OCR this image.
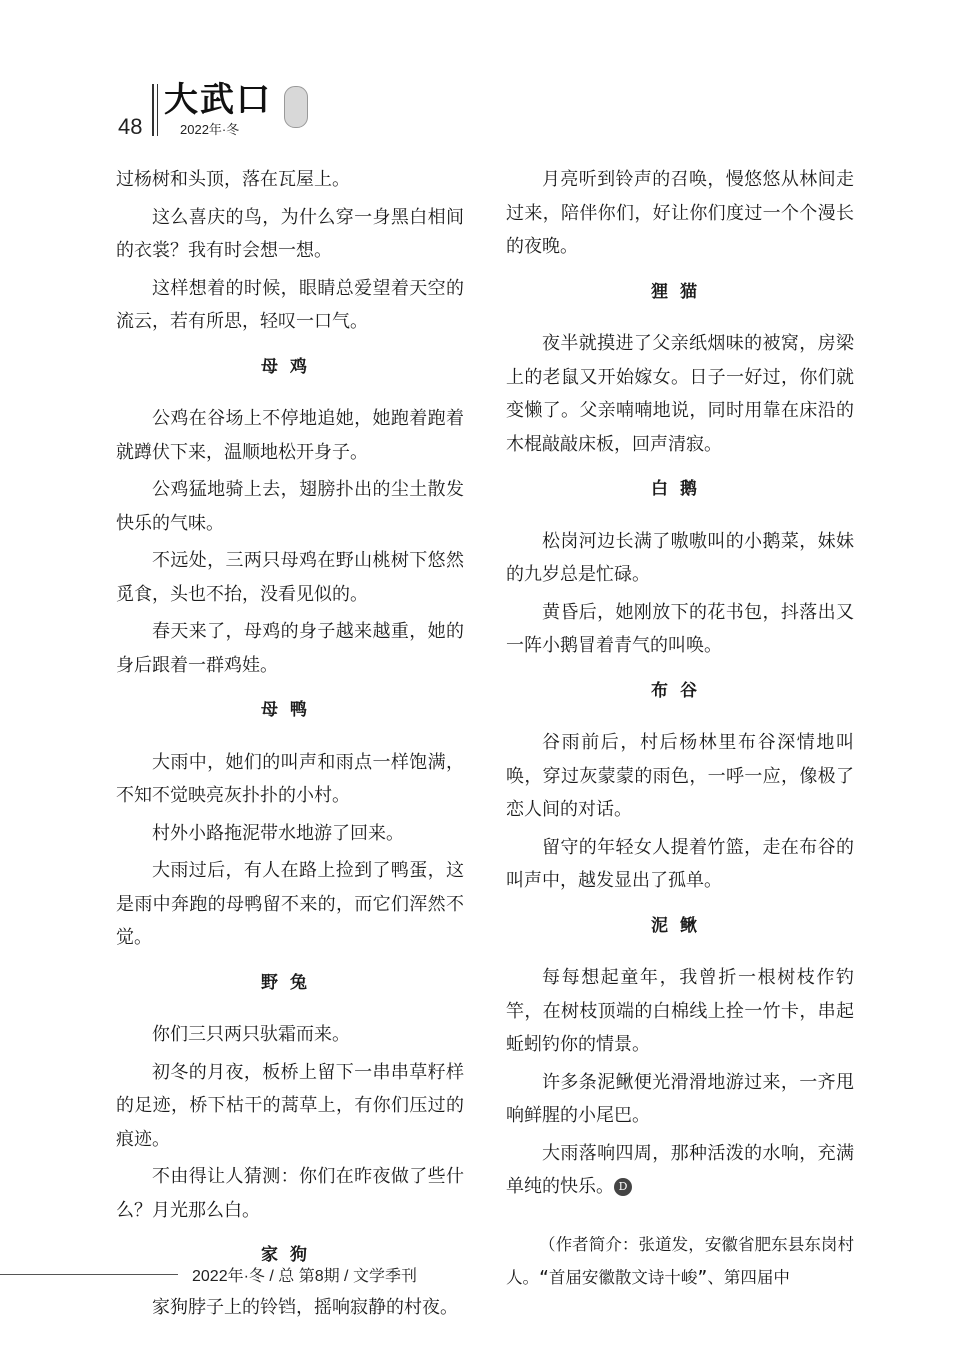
48
大武口
2022年·冬
过杨树和头顶，落在瓦屋上。
这么喜庆的鸟，为什么穿一身黑白相间的衣裳？我有时会想一想。
这样想着的时候，眼睛总爱望着天空的流云，若有所思，轻叹一口气。
母鸡
公鸡在谷场上不停地追她，她跑着跑着就蹲伏下来，温顺地松开身子。
公鸡猛地骑上去，翅膀扑出的尘土散发快乐的气味。
不远处，三两只母鸡在野山桃树下悠然觅食，头也不抬，没看见似的。
春天来了，母鸡的身子越来越重，她的身后跟着一群鸡娃。
母鸭
大雨中，她们的叫声和雨点一样饱满，不知不觉映亮灰扑扑的小村。
村外小路拖泥带水地游了回来。
大雨过后，有人在路上捡到了鸭蛋，这是雨中奔跑的母鸭留不来的，而它们浑然不觉。
野兔
你们三只两只驮霜而来。
初冬的月夜，板桥上留下一串串草籽样的足迹，桥下枯干的蒿草上，有你们压过的痕迹。
不由得让人猜测：你们在昨夜做了些什么？月光那么白。
家狗
家狗脖子上的铃铛，摇响寂静的村夜。
月亮听到铃声的召唤，慢悠悠从林间走过来，陪伴你们，好让你们度过一个个漫长的夜晚。
狸猫
夜半就摸进了父亲纸烟味的被窝，房梁上的老鼠又开始嫁女。日子一好过，你们就变懒了。父亲喃喃地说，同时用靠在床沿的木棍敲敲床板，回声清寂。
白鹅
松岗河边长满了嗷嗷叫的小鹅菜，妹妹的九岁总是忙碌。
黄昏后，她刚放下的花书包，抖落出又一阵小鹅冒着青气的叫唤。
布谷
谷雨前后，村后杨林里布谷深情地叫唤，穿过灰蒙蒙的雨色，一呼一应，像极了恋人间的对话。
留守的年轻女人提着竹篮，走在布谷的叫声中，越发显出了孤单。
泥鳅
每每想起童年，我曾折一根树枝作钓竿，在树枝顶端的白棉线上拴一竹卡，串起蚯蚓钓你的情景。
许多条泥鳅便光滑滑地游过来，一齐甩响鲜腥的小尾巴。
大雨落响四周，那种活泼的水响，充满单纯的快乐。 D
（作者简介：张道发，安徽省肥东县东岗村人。“首届安徽散文诗十峻”、第四届中
2022年·冬 / 总 第8期 / 文学季刊
